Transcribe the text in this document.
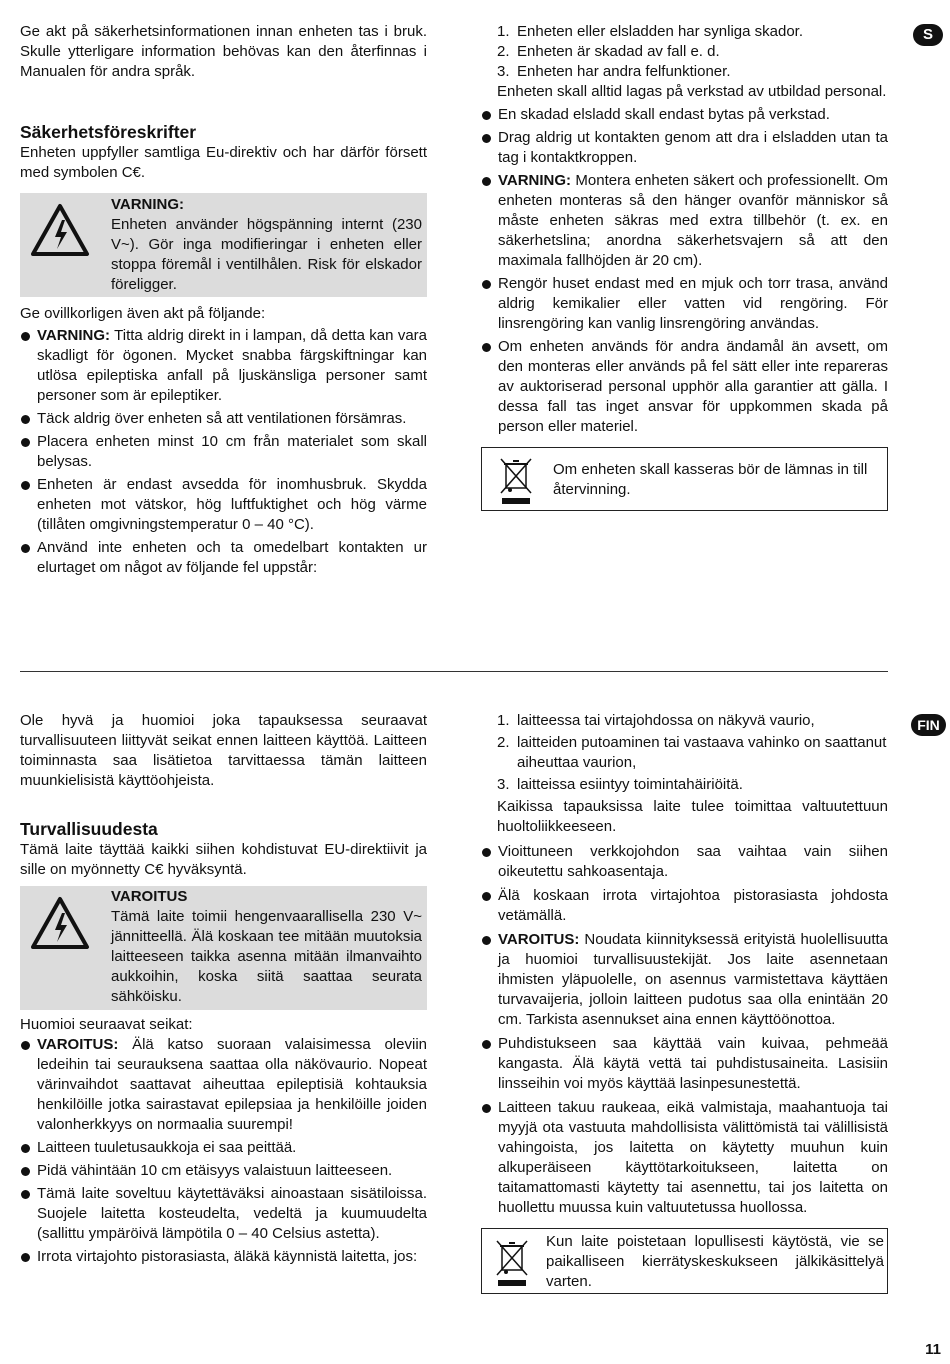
S

Ge akt på säkerhetsinformationen innan enheten tas i bruk. Skulle ytterligare information behövas kan den återfinnas i Manualen för andra språk.

Säkerhetsföreskrifter

Enheten uppfyller samtliga Eu-direktiv och har därför försett med symbolen C€.

VARNING:

Enheten använder högspänning internt (230 V~). Gör inga modifieringar i enheten eller stoppa föremål i ventilhålen. Risk för elskador föreligger.

Ge ovillkorligen även akt på följande:

VARNING: Titta aldrig direkt in i lampan, då detta kan vara skadligt för ögonen. Mycket snabba färgskiftningar kan utlösa epileptiska anfall på ljuskänsliga personer samt personer som är epileptiker.
Täck aldrig över enheten så att ventilationen försämras.
Placera enheten minst 10 cm från materialet som skall belysas.
Enheten är endast avsedda för inomhusbruk. Skydda enheten mot vätskor, hög luftfuktighet och hög värme (tillåten omgivningstemperatur 0 – 40 °C).
Använd inte enheten och ta omedelbart kontakten ur elurtaget om något av följande fel uppstår:
1. Enheten eller elsladden har synliga skador.
2. Enheten är skadad av fall e. d.
3. Enheten har andra felfunktioner.

Enheten skall alltid lagas på verkstad av utbildad personal.

En skadad elsladd skall endast bytas på verkstad.
Drag aldrig ut kontakten genom att dra i elsladden utan ta tag i kontaktkroppen.
VARNING: Montera enheten säkert och professionellt. Om enheten monteras så den hänger ovanför människor så måste enheten säkras med extra tillbehör (t. ex. en säkerhetslina; anordna säkerhetsvajern så att den maximala fallhöjden är 20 cm).
Rengör huset endast med en mjuk och torr trasa, använd aldrig kemikalier eller vatten vid rengöring. För linsrengöring kan vanlig linsrengöring användas.
Om enheten används för andra ändamål än avsett, om den monteras eller används på fel sätt eller inte repareras av auktoriserad personal upphör alla garantier att gälla. I dessa fall tas inget ansvar för uppkommen skada på person eller materiel.

Om enheten skall kasseras bör de lämnas in till återvinning.

FIN

Ole hyvä ja huomioi joka tapauksessa seuraavat turvallisuuteen liittyvät seikat ennen laitteen käyttöä. Laitteen toiminnasta saa lisätietoa tarvittaessa tämän laitteen muunkielisistä käyttöohjeista.

Turvallisuudesta

Tämä laite täyttää kaikki siihen kohdistuvat EU-direktiivit ja sille on myönnetty C€ hyväksyntä.

VAROITUS

Tämä laite toimii hengenvaarallisella 230 V~ jännitteellä. Älä koskaan tee mitään muutoksia laitteeseen taikka asenna mitään ilmanvaihto aukkoihin, koska siitä saattaa seurata sähköisku.

Huomioi seuraavat seikat:

VAROITUS: Älä katso suoraan valaisimessa oleviin ledeihin tai seurauksena saattaa olla näkövaurio. Nopeat värinvaihdot saattavat aiheuttaa epileptisiä kohtauksia henkilöille jotka sairastavat epilepsiaa ja henkilöille joiden valonherkkyys on normaalia suurempi!
Laitteen tuuletusaukkoja ei saa peittää.
Pidä vähintään 10 cm etäisyys valaistuun laitteeseen.
Tämä laite soveltuu käytettäväksi ainoastaan sisätiloissa. Suojele laitetta kosteudelta, vedeltä ja kuumuudelta (sallittu ympäröivä lämpötila 0 – 40 Celsius astetta).
Irrota virtajohto pistorasiasta, äläkä käynnistä laitetta, jos:
1. laitteessa tai virtajohdossa on näkyvä vaurio,
2. laitteiden putoaminen tai vastaava vahinko on saattanut aiheuttaa vaurion,
3. laitteissa esiintyy toimintahäiriöitä.

Kaikissa tapauksissa laite tulee toimittaa valtuutettuun huoltoliikkeeseen.

Vioittuneen verkkojohdon saa vaihtaa vain siihen oikeutettu sahkoasentaja.
Älä koskaan irrota virtajohtoa pistorasiasta johdosta vetämällä.
VAROITUS: Noudata kiinnityksessä erityistä huolellisuutta ja huomioi turvallisuustekijät. Jos laite asennetaan ihmisten yläpuolelle, on asennus varmistettava käyttäen turvavaijeria, jolloin laitteen pudotus saa olla enintään 20 cm. Tarkista asennukset aina ennen käyttöönottoa.
Puhdistukseen saa käyttää vain kuivaa, pehmeää kangasta. Älä käytä vettä tai puhdistusaineita. Lasisiin linsseihin voi myös käyttää lasinpesunestettä.
Laitteen takuu raukeaa, eikä valmistaja, maahantuoja tai myyjä ota vastuuta mahdollisista välittömistä tai välillisistä vahingoista, jos laitetta on käytetty muuhun kuin alkuperäiseen käyttötarkoitukseen, laitetta on taitamattomasti käytetty tai asennettu, tai jos laitetta on huollettu muussa kuin valtuutetussa huollossa.

Kun laite poistetaan lopullisesti käytöstä, vie se paikalliseen kierrätyskeskukseen jälkikäsittelyä varten.

11
